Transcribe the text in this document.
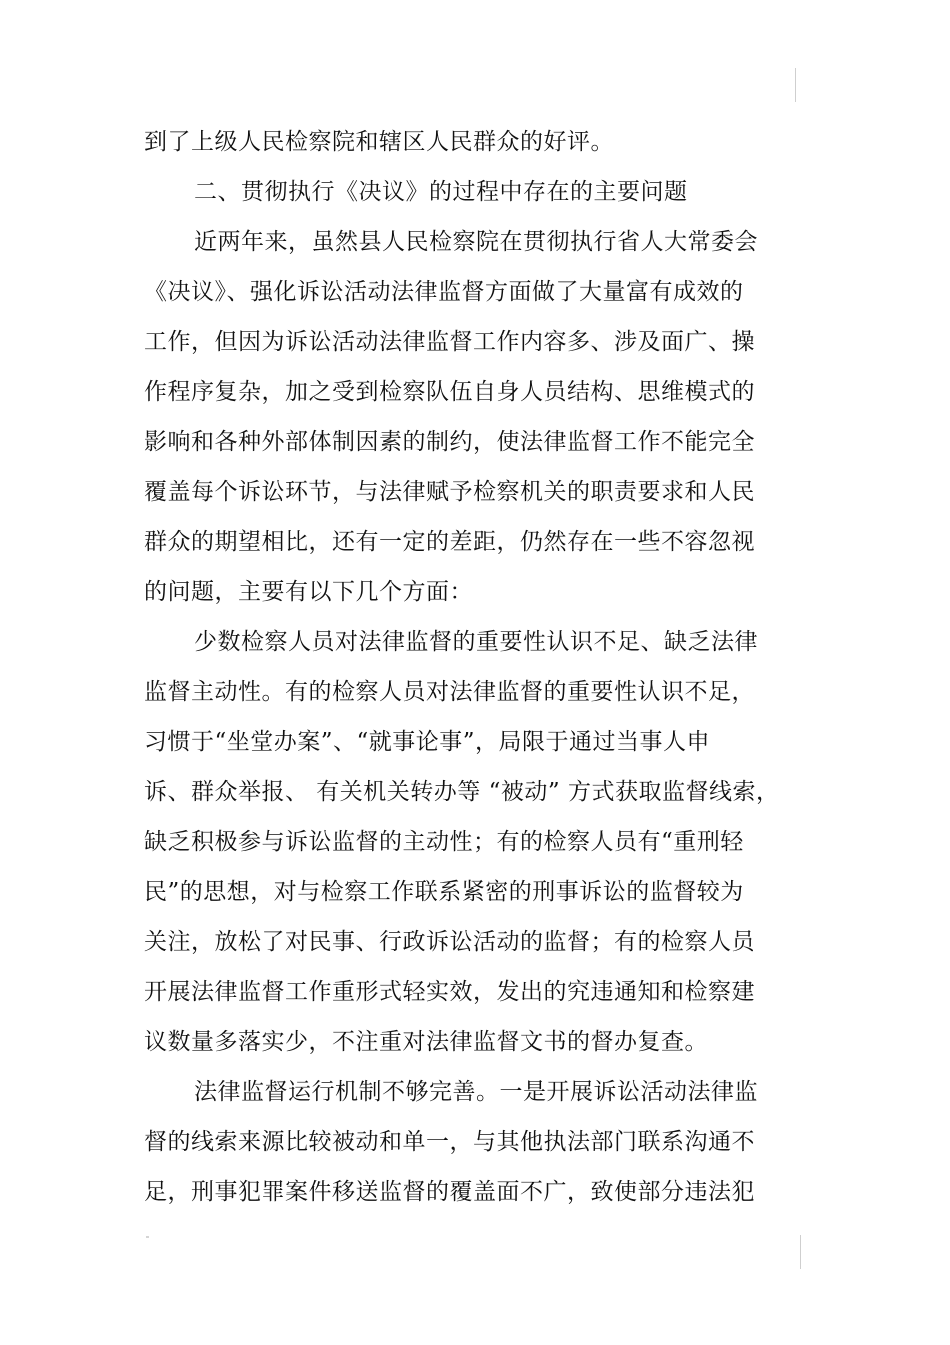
到了上级人民检察院和辖区人民群众的好评。
二、贯彻执行《决议》的过程中存在的主要问题
近两年来，虽然县人民检察院在贯彻执行省人大常委会
《决议》、强化诉讼活动法律监督方面做了大量富有成效的
工作，但因为诉讼活动法律监督工作内容多、涉及面广、操
作程序复杂，加之受到检察队伍自身人员结构、思维模式的
影响和各种外部体制因素的制约，使法律监督工作不能完全
覆盖每个诉讼环节，与法律赋予检察机关的职责要求和人民
群众的期望相比，还有一定的差距，仍然存在一些不容忽视
的问题，主要有以下几个方面：
少数检察人员对法律监督的重要性认识不足、缺乏法律
监督主动性。有的检察人员对法律监督的重要性认识不足，
习惯于“坐堂办案”、“就事论事”，局限于通过当事人申
诉、群众举报、 有关机关转办等 “被动” 方式获取监督线索，
缺乏积极参与诉讼监督的主动性；有的检察人员有“重刑轻
民”的思想，对与检察工作联系紧密的刑事诉讼的监督较为
关注，放松了对民事、行政诉讼活动的监督；有的检察人员
开展法律监督工作重形式轻实效，发出的究违通知和检察建
议数量多落实少，不注重对法律监督文书的督办复查。
法律监督运行机制不够完善。一是开展诉讼活动法律监
督的线索来源比较被动和单一，与其他执法部门联系沟通不
足，刑事犯罪案件移送监督的覆盖面不广，致使部分违法犯
